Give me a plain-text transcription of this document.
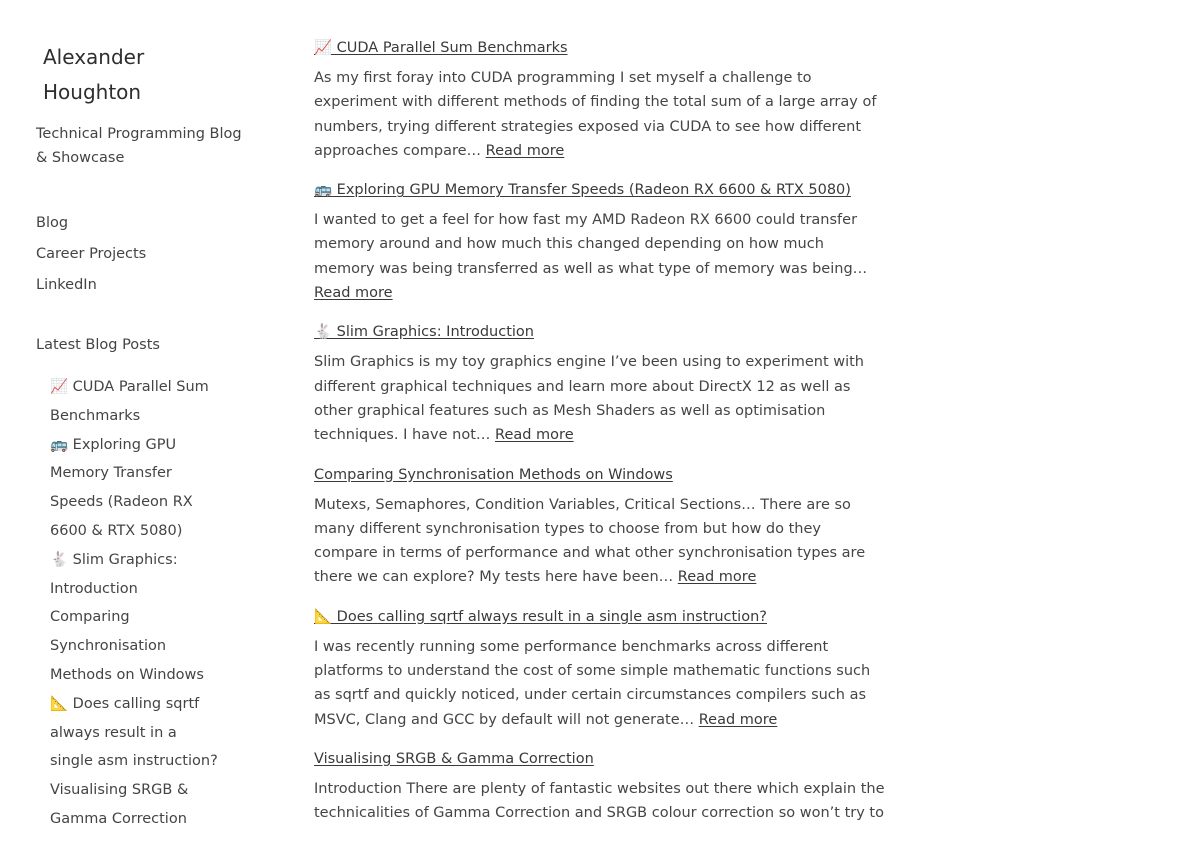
Alexander
Houghton
Technical Programming Blog & Showcase
Blog
Career Projects
LinkedIn
Latest Blog Posts
📈 CUDA Parallel Sum Benchmarks
🚌 Exploring GPU Memory Transfer Speeds (Radeon RX 6600 & RTX 5080)
🐇 Slim Graphics: Introduction
Comparing Synchronisation Methods on Windows
📐 Does calling sqrtf always result in a single asm instruction?
Visualising SRGB & Gamma Correction
📈 CUDA Parallel Sum Benchmarks

As my first foray into CUDA programming I set myself a challenge to experiment with different methods of finding the total sum of a large array of numbers, trying different strategies exposed via CUDA to see how different approaches compare… Read more

🚌 Exploring GPU Memory Transfer Speeds (Radeon RX 6600 & RTX 5080)

I wanted to get a feel for how fast my AMD Radeon RX 6600 could transfer memory around and how much this changed depending on how much memory was being transferred as well as what type of memory was being… Read more

🐇 Slim Graphics: Introduction

Slim Graphics is my toy graphics engine I’ve been using to experiment with different graphical techniques and learn more about DirectX 12 as well as other graphical features such as Mesh Shaders as well as optimisation techniques. I have not… Read more

Comparing Synchronisation Methods on Windows

Mutexs, Semaphores, Condition Variables, Critical Sections… There are so many different synchronisation types to choose from but how do they compare in terms of performance and what other synchronisation types are there we can explore? My tests here have been… Read more

📐 Does calling sqrtf always result in a single asm instruction?

I was recently running some performance benchmarks across different platforms to understand the cost of some simple mathematic functions such as sqrtf and quickly noticed, under certain circumstances compilers such as MSVC, Clang and GCC by default will not generate… Read more

Visualising SRGB & Gamma Correction

Introduction There are plenty of fantastic websites out there which explain the technicalities of Gamma Correction and SRGB colour correction so won’t try to
